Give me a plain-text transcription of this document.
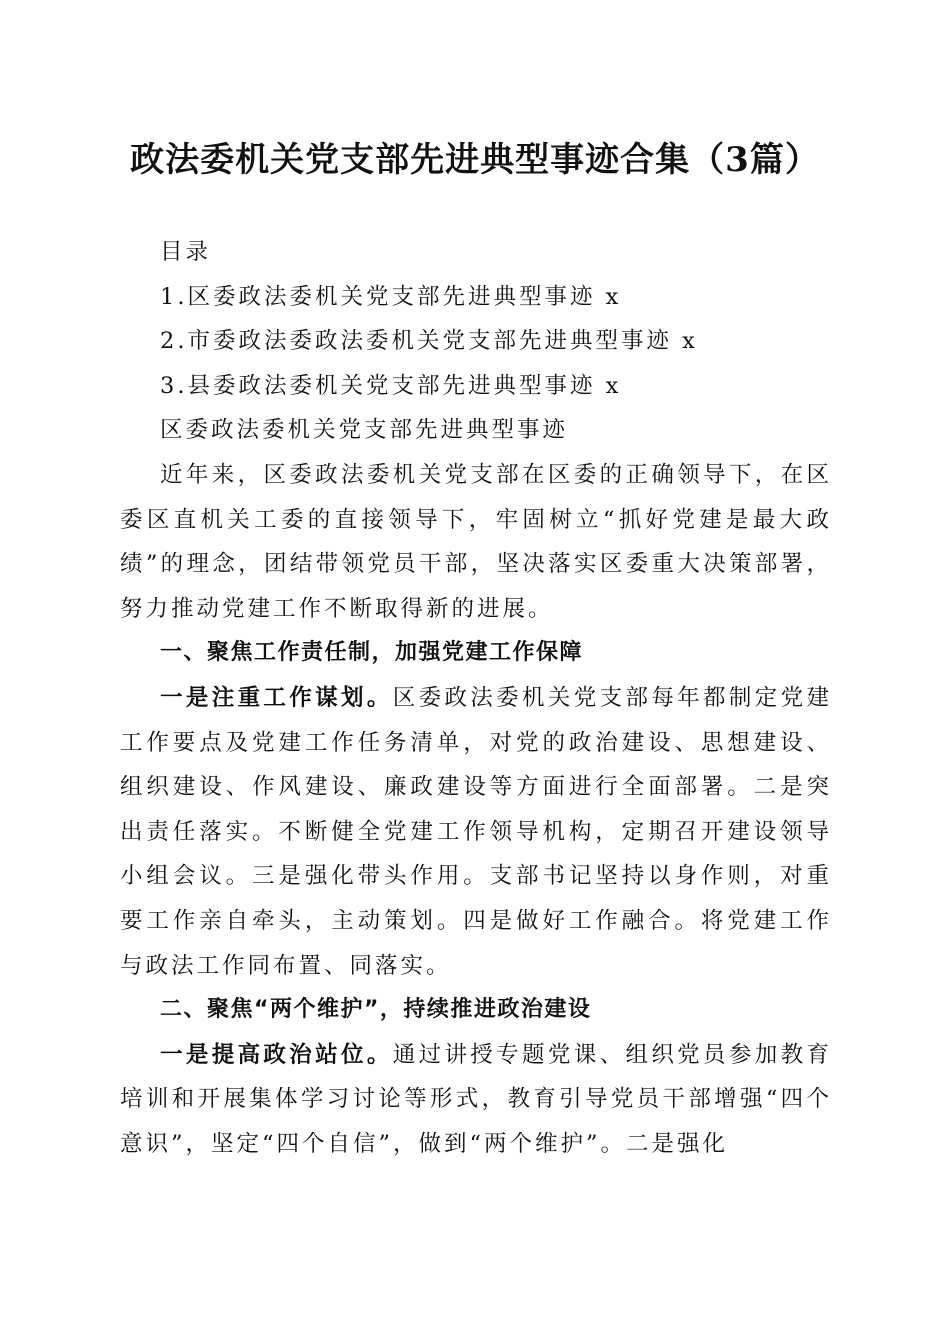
政法委机关党支部先进典型事迹合集（3篇）

目录

1.区委政法委机关党支部先进典型事迹 x

2.市委政法委政法委机关党支部先进典型事迹 x

3.县委政法委机关党支部先进典型事迹 x

区委政法委机关党支部先进典型事迹

近年来，区委政法委机关党支部在区委的正确领导下，在区委区直机关工委的直接领导下，牢固树立“抓好党建是最大政绩”的理念，团结带领党员干部，坚决落实区委重大决策部署，努力推动党建工作不断取得新的进展。

一、聚焦工作责任制，加强党建工作保障

一是注重工作谋划。区委政法委机关党支部每年都制定党建工作要点及党建工作任务清单，对党的政治建设、思想建设、组织建设、作风建设、廉政建设等方面进行全面部署。二是突出责任落实。不断健全党建工作领导机构，定期召开建设领导小组会议。三是强化带头作用。支部书记坚持以身作则，对重要工作亲自牵头，主动策划。四是做好工作融合。将党建工作与政法工作同布置、同落实。

二、聚焦“两个维护”，持续推进政治建设

一是提高政治站位。通过讲授专题党课、组织党员参加教育培训和开展集体学习讨论等形式，教育引导党员干部增强“四个意识”，坚定“四个自信”，做到“两个维护”。二是强化
